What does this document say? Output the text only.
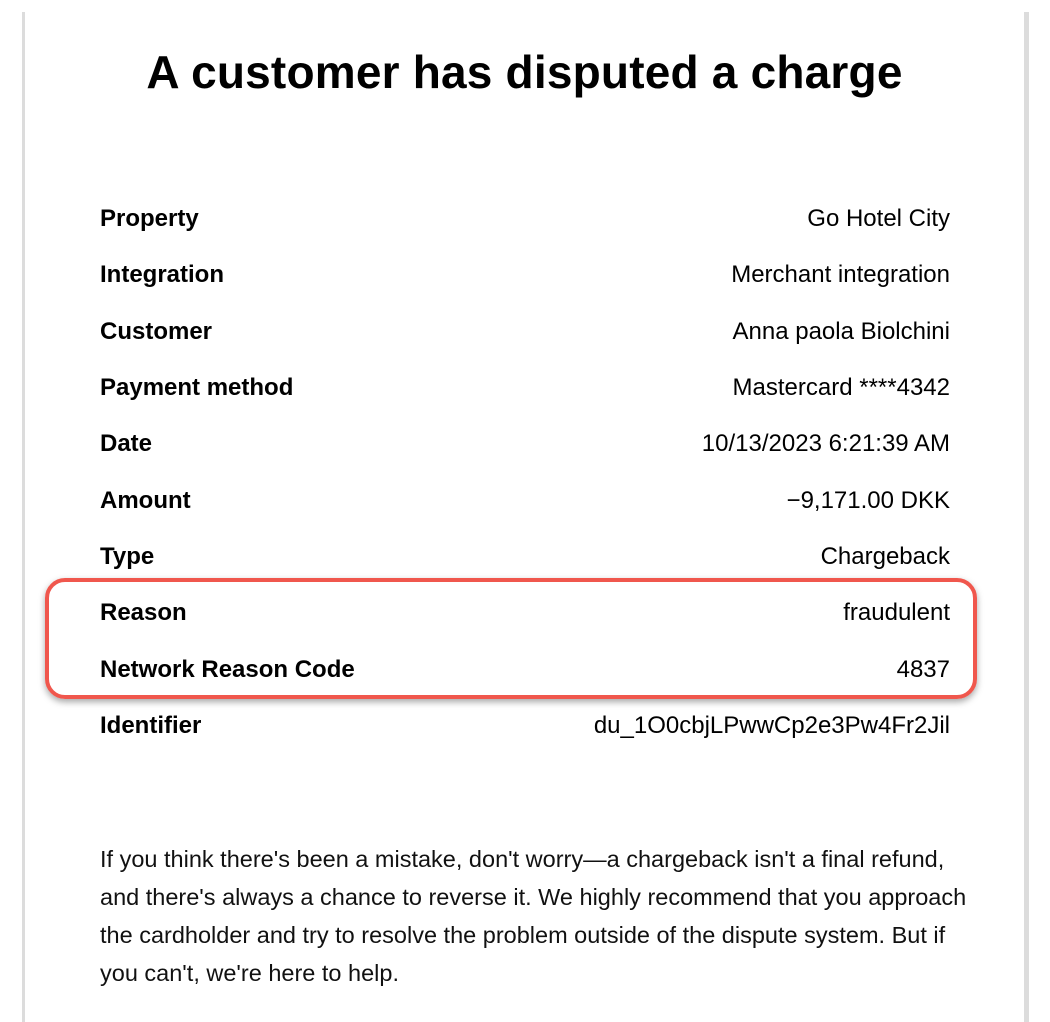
A customer has disputed a charge
Property	Go Hotel City
Integration	Merchant integration
Customer	Anna paola Biolchini
Payment method	Mastercard ****4342
Date	10/13/2023 6:21:39 AM
Amount	−9,171.00 DKK
Type	Chargeback
Reason	fraudulent
Network Reason Code	4837
Identifier	du_1O0cbjLPwwCp2e3Pw4Fr2Jil

If you think there's been a mistake, don't worry—a chargeback isn't a final refund, and there's always a chance to reverse it. We highly recommend that you approach the cardholder and try to resolve the problem outside of the dispute system. But if you can't, we're here to help.
